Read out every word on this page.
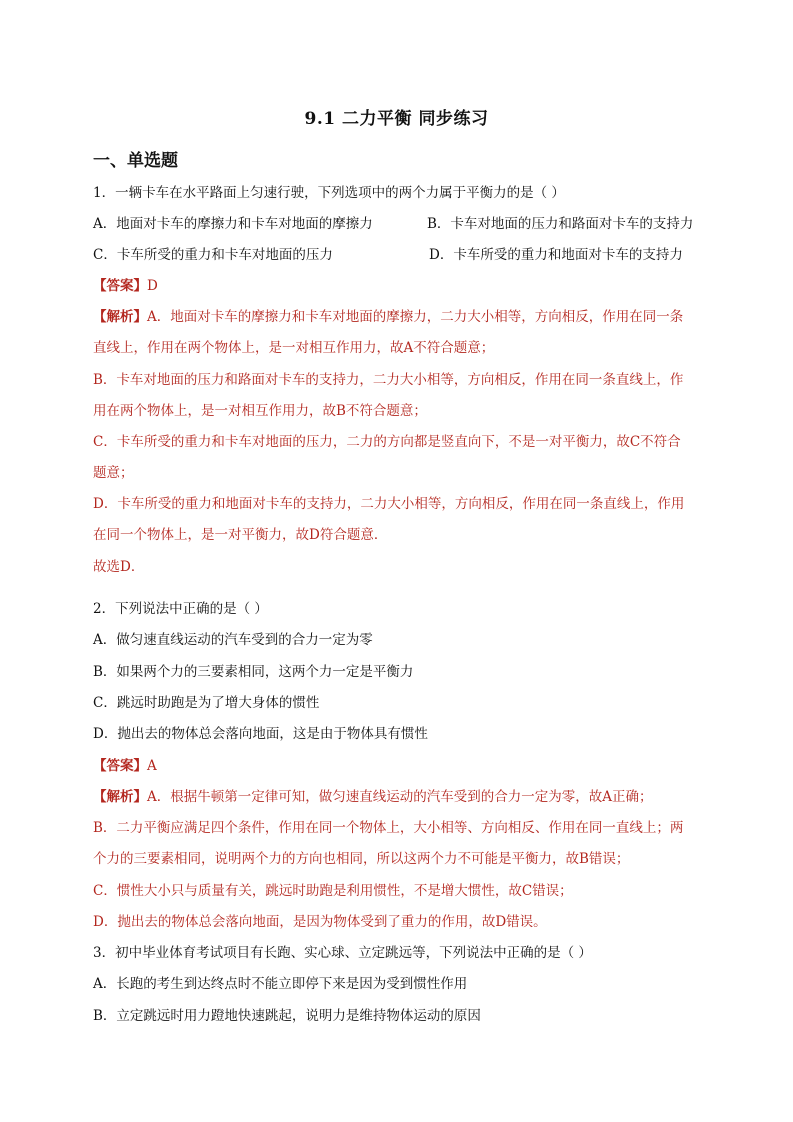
9.1 二力平衡 同步练习
一、单选题
1．一辆卡车在水平路面上匀速行驶，下列选项中的两个力属于平衡力的是（ ）
A．地面对卡车的摩擦力和卡车对地面的摩擦力	B．卡车对地面的压力和路面对卡车的支持力
C．卡车所受的重力和卡车对地面的压力	D．卡车所受的重力和地面对卡车的支持力
【答案】D
【解析】A．地面对卡车的摩擦力和卡车对地面的摩擦力，二力大小相等，方向相反，作用在同一条
直线上，作用在两个物体上，是一对相互作用力，故A不符合题意；
B．卡车对地面的压力和路面对卡车的支持力，二力大小相等，方向相反，作用在同一条直线上，作
用在两个物体上，是一对相互作用力，故B不符合题意；
C．卡车所受的重力和卡车对地面的压力，二力的方向都是竖直向下，不是一对平衡力，故C不符合
题意；
D．卡车所受的重力和地面对卡车的支持力，二力大小相等，方向相反，作用在同一条直线上，作用
在同一个物体上，是一对平衡力，故D符合题意．
故选D．
2．下列说法中正确的是（ ）
A．做匀速直线运动的汽车受到的合力一定为零
B．如果两个力的三要素相同，这两个力一定是平衡力
C．跳远时助跑是为了增大身体的惯性
D．抛出去的物体总会落向地面，这是由于物体具有惯性
【答案】A
【解析】A．根据牛顿第一定律可知，做匀速直线运动的汽车受到的合力一定为零，故A正确；
B．二力平衡应满足四个条件，作用在同一个物体上，大小相等、方向相反、作用在同一直线上；两
个力的三要素相同，说明两个力的方向也相同，所以这两个力不可能是平衡力，故B错误；
C．惯性大小只与质量有关，跳远时助跑是利用惯性，不是增大惯性，故C错误；
D．抛出去的物体总会落向地面，是因为物体受到了重力的作用，故D错误。
3．初中毕业体育考试项目有长跑、实心球、立定跳远等，下列说法中正确的是（ ）
A．长跑的考生到达终点时不能立即停下来是因为受到惯性作用
B．立定跳远时用力蹬地快速跳起，说明力是维持物体运动的原因
